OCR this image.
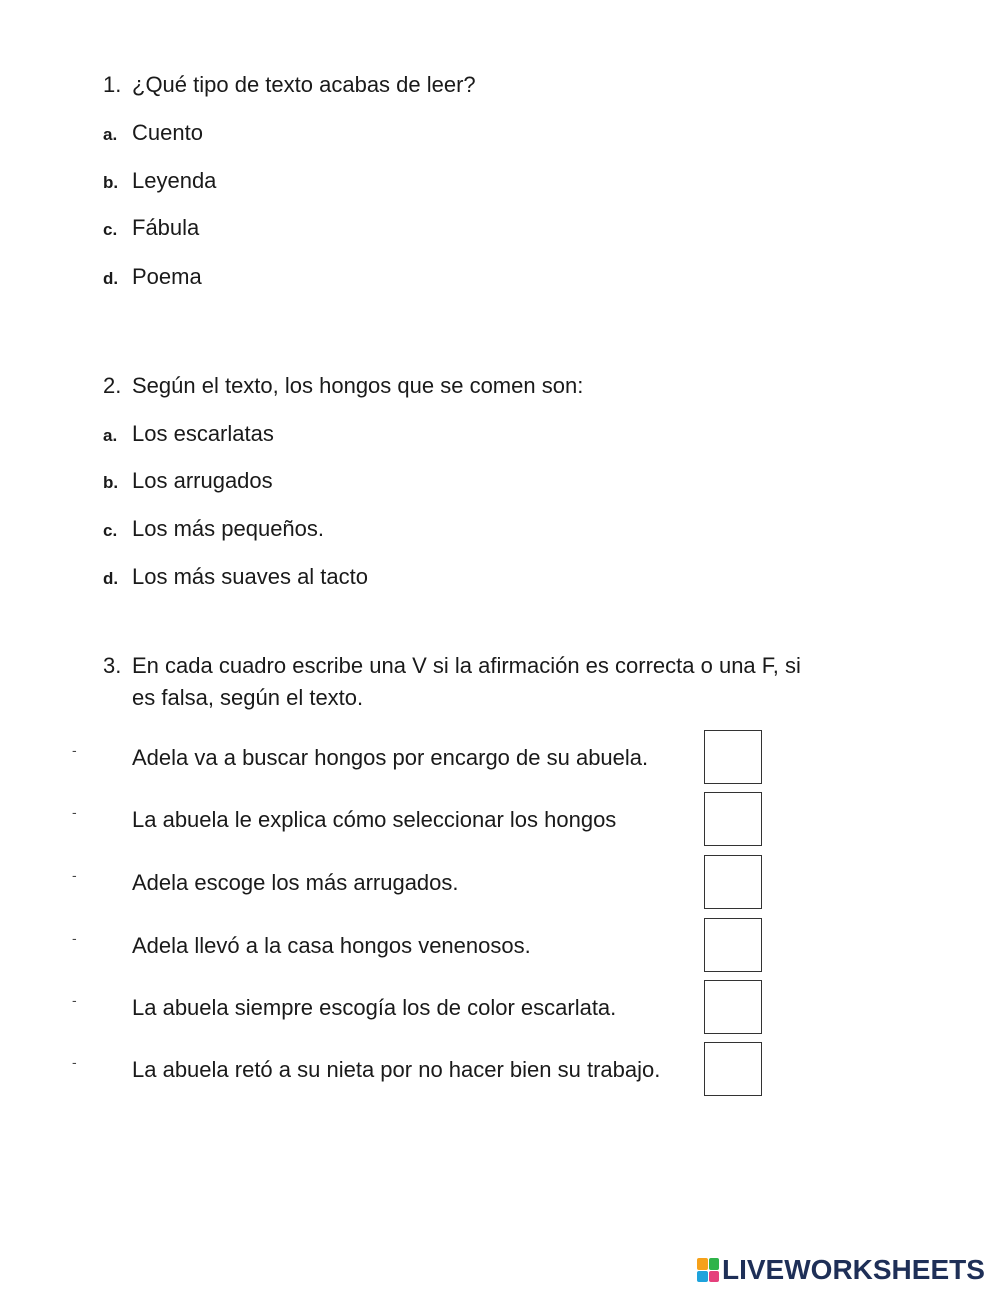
1. ¿Qué tipo de texto acabas de leer?
a. Cuento
b. Leyenda
c. Fábula
d. Poema
2. Según el texto, los hongos que se comen son:
a. Los escarlatas
b. Los arrugados
c. Los más pequeños.
d. Los más suaves al tacto
3. En cada cuadro escribe una V si la afirmación es correcta o una F, si
es falsa, según el texto.
-	Adela va a buscar hongos por encargo de su abuela.
-	La abuela le explica cómo seleccionar los hongos
-	Adela escoge los más arrugados.
-	Adela llevó a la casa hongos venenosos.
-	La abuela siempre escogía los de color escarlata.
-	La abuela retó a su nieta por no hacer bien su trabajo.
LIVEWORKSHEETS
